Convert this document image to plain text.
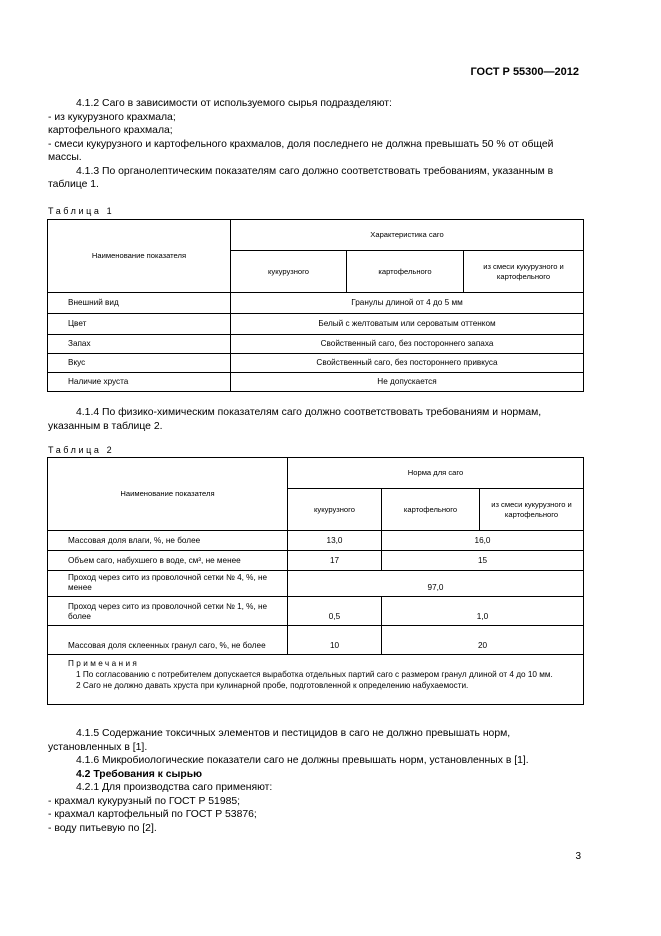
ГОСТ Р 55300—2012
4.1.2 Саго в зависимости от используемого сырья подразделяют:
- из кукурузного крахмала;
картофельного крахмала;
- смеси кукурузного и картофельного крахмалов, доля последнего не должна превышать 50 % от общей массы.
4.1.3 По органолептическим показателям саго должно соответствовать требованиям, указанным в таблице 1.
Таблица 1
Наименование показателя	Характеристика саго		
	кукурузного	картофельного	из смеси кукурузного и картофельного
Внешний вид	Гранулы длиной от 4 до 5 мм		
Цвет	Белый с желтоватым или сероватым оттенком		
Запах	Свойственный саго, без постороннего запаха		
Вкус	Свойственный саго, без постороннего привкуса		
Наличие хруста	Не допускается		
4.1.4 По физико-химическим показателям саго должно соответствовать требованиям и нормам, указанным в таблице 2.
Таблица 2
Наименование показателя	Норма для саго		
	кукурузного	картофельного	из смеси кукурузного и картофельного
Массовая доля влаги, %, не более	13,0	16,0	
Объем саго, набухшего в воде, см³, не менее	17	15	
Проход через сито из проволочной сетки № 4, %, не менее	97,0		
Проход через сито из проволочной сетки № 1, %, не более	0,5	1,0	
Массовая доля склеенных гранул саго, %, не более	10	20	

Примечания
1 По согласованию с потребителем допускается выработка отдельных партий саго с размером гранул длиной от 4 до 10 мм.
2 Саго не должно давать хруста при кулинарной пробе, подготовленной к определению набухаемости.			
4.1.5 Содержание токсичных элементов и пестицидов в саго не должно превышать норм, установленных в [1].
4.1.6 Микробиологические показатели саго не должны превышать норм, установленных в [1].
4.2 Требования к сырью
4.2.1 Для производства саго применяют:
- крахмал кукурузный по ГОСТ Р 51985;
- крахмал картофельный по ГОСТ Р 53876;
- воду питьевую по [2].
3
